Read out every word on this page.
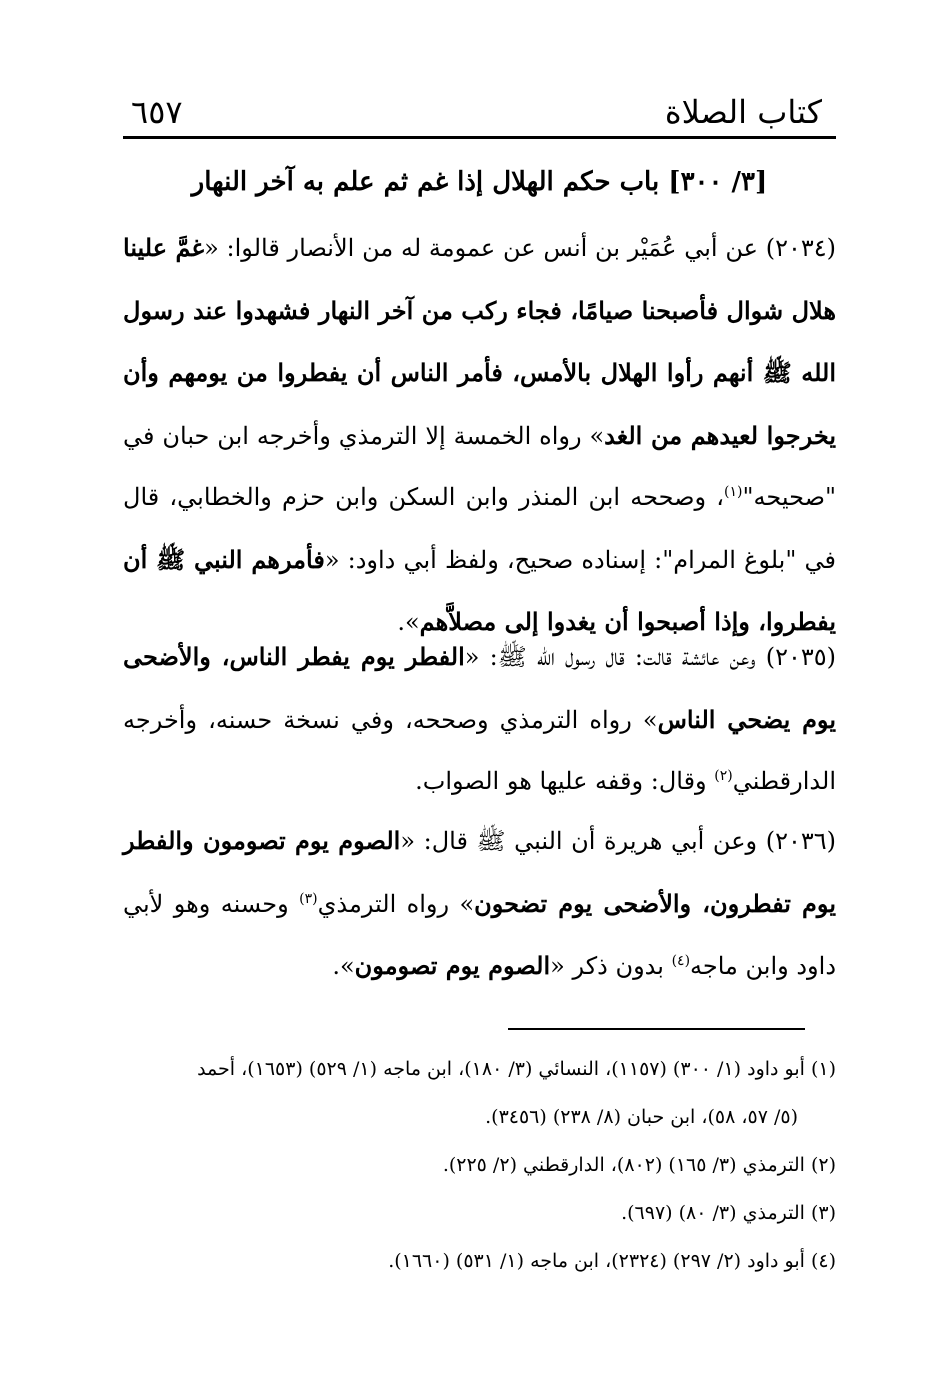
كتاب الصلاة
٦٥٧
[٣/ ٣٠٠] باب حكم الهلال إذا غم ثم علم به آخر النهار
(٢٠٣٤) عن أبي عُمَيْر بن أنس عن عمومة له من الأنصار قالوا: «غمَّ علينا هلال شوال فأصبحنا صيامًا، فجاء ركب من آخر النهار فشهدوا عند رسول الله ﷺ أنهم رأوا الهلال بالأمس، فأمر الناس أن يفطروا من يومهم وأن يخرجوا لعيدهم من الغد» رواه الخمسة إلا الترمذي وأخرجه ابن حبان في "صحيحه"$^{(١)}$، وصححه ابن المنذر وابن السكن وابن حزم والخطابي، قال في "بلوغ المرام": إسناده صحيح، ولفظ أبي داود: «فأمرهم النبي ﷺ أن يفطروا، وإذا أصبحوا أن يغدوا إلى مصلاَّهم».
(٢٠٣٥) وعن عائشة قالت: قال رسول الله ﷺ: «الفطر يوم يفطر الناس، والأضحى يوم يضحي الناس» رواه الترمذي وصححه، وفي نسخة حسنه، وأخرجه الدارقطني$^{(٢)}$ وقال: وقفه عليها هو الصواب.
(٢٠٣٦) وعن أبي هريرة أن النبي ﷺ قال: «الصوم يوم تصومون والفطر يوم تفطرون، والأضحى يوم تضحون» رواه الترمذي$^{(٣)}$ وحسنه وهو لأبي داود وابن ماجه$^{(٤)}$ بدون ذكر «الصوم يوم تصومون».

(١) أبو داود (١/ ٣٠٠) (١١٥٧)، النسائي (٣/ ١٨٠)، ابن ماجه (١/ ٥٢٩) (١٦٥٣)، أحمد

(٥/ ٥٧، ٥٨)، ابن حبان (٨/ ٢٣٨) (٣٤٥٦).

(٢) الترمذي (٣/ ١٦٥) (٨٠٢)، الدارقطني (٢/ ٢٢٥).

(٣) الترمذي (٣/ ٨٠) (٦٩٧).

(٤) أبو داود (٢/ ٢٩٧) (٢٣٢٤)، ابن ماجه (١/ ٥٣١) (١٦٦٠).
